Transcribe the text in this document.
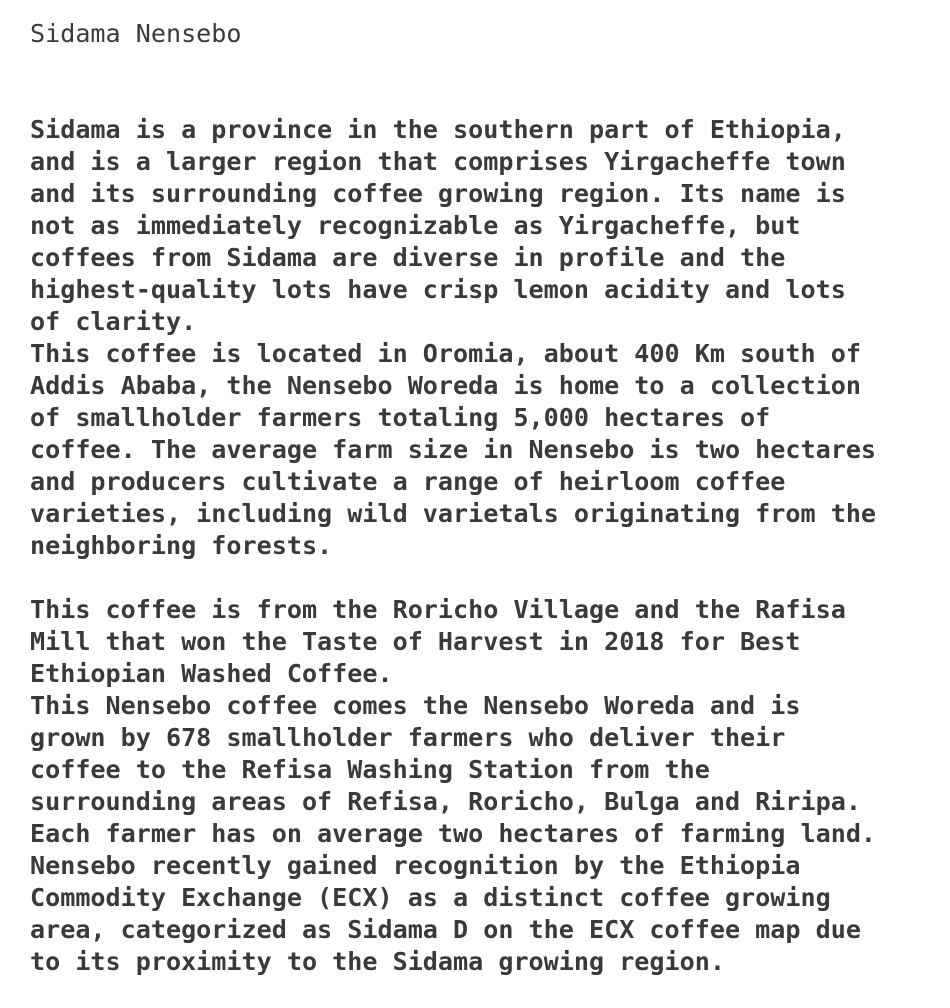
Sidama Nensebo
Sidama is a province in the southern part of Ethiopia,
and is a larger region that comprises Yirgacheffe town
and its surrounding coffee growing region. Its name is
not as immediately recognizable as Yirgacheffe, but
coffees from Sidama are diverse in profile and the
highest-quality lots have crisp lemon acidity and lots
of clarity.
This coffee is located in Oromia, about 400 Km south of
Addis Ababa, the Nensebo Woreda is home to a collection
of smallholder farmers totaling 5,000 hectares of
coffee. The average farm size in Nensebo is two hectares
and producers cultivate a range of heirloom coffee
varieties, including wild varietals originating from the
neighboring forests.
This coffee is from the Roricho Village and the Rafisa
Mill that won the Taste of Harvest in 2018 for Best
Ethiopian Washed Coffee.
This Nensebo coffee comes the Nensebo Woreda and is
grown by 678 smallholder farmers who deliver their
coffee to the Refisa Washing Station from the
surrounding areas of Refisa, Roricho, Bulga and Riripa.
Each farmer has on average two hectares of farming land.
Nensebo recently gained recognition by the Ethiopia
Commodity Exchange (ECX) as a distinct coffee growing
area, categorized as Sidama D on the ECX coffee map due
to its proximity to the Sidama growing region.
